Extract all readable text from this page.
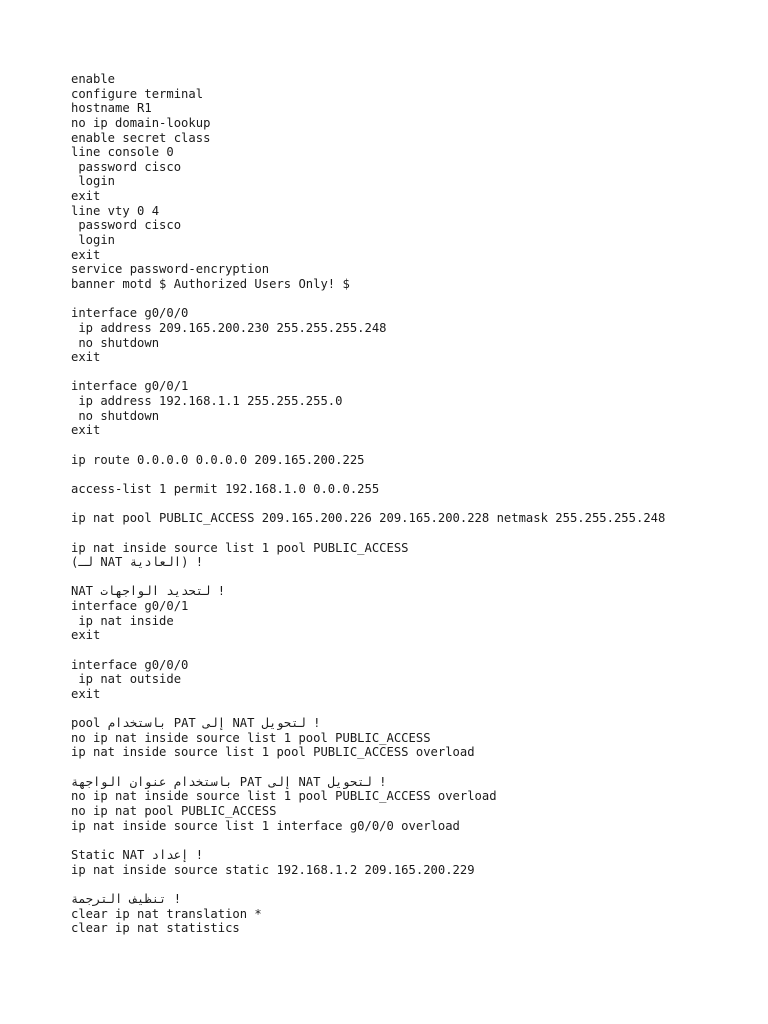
enable
configure terminal
hostname R1
no ip domain-lookup
enable secret class
line console 0
password cisco
login
exit
line vty 0 4
password cisco
login
exit
service password-encryption
banner motd $ Authorized Users Only! $
interface g0/0/0
ip address 209.165.200.230 255.255.255.248
no shutdown
exit
interface g0/0/1
ip address 192.168.1.1 255.255.255.0
no shutdown
exit
ip route 0.0.0.0 0.0.0.0 209.165.200.225
access-list 1 permit 192.168.1.0 0.0.0.255
ip nat pool PUBLIC_ACCESS 209.165.200.226 209.165.200.228 netmask 255.255.255.248
ip nat inside source list 1 pool PUBLIC_ACCESS
! (العادية NAT لـ)
! لتحديد الواجهات NAT
interface g0/0/1
ip nat inside
exit
interface g0/0/0
ip nat outside
exit
! لتحويل NAT إلى PAT باستخدام pool
no ip nat inside source list 1 pool PUBLIC_ACCESS
ip nat inside source list 1 pool PUBLIC_ACCESS overload
! لتحويل NAT إلى PAT باستخدام عنوان الواجهة
no ip nat inside source list 1 pool PUBLIC_ACCESS overload
no ip nat pool PUBLIC_ACCESS
ip nat inside source list 1 interface g0/0/0 overload
! إعداد Static NAT
ip nat inside source static 192.168.1.2 209.165.200.229
! تنظيف الترجمة
clear ip nat translation *
clear ip nat statistics
